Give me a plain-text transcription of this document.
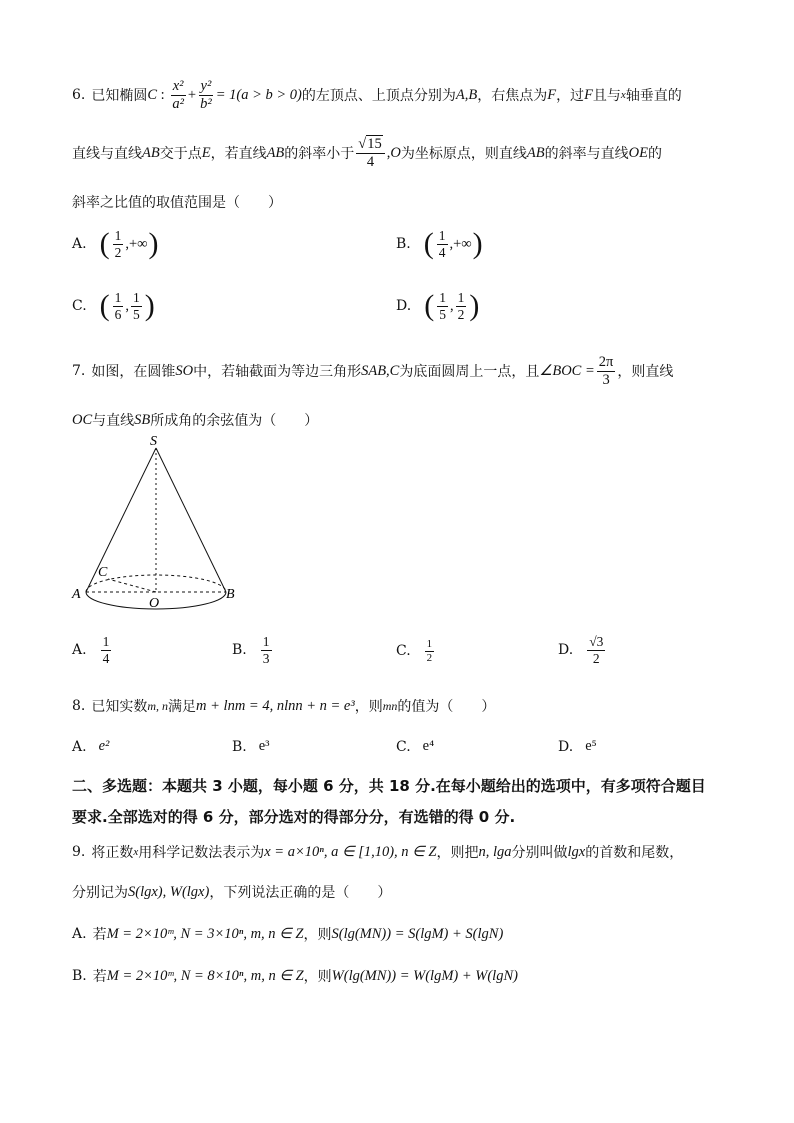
6. 已知椭圆 C : $\frac{\text{x²}}{\text{a²}} + \frac{\text{y²}}{\text{b²}} = 1(a > b > 0)$ 的左顶点、上顶点分别为 A,B ，右焦点为 F ，过 F 且与 x 轴垂直的
直线与直线 AB 交于点 E ，若直线 AB 的斜率小于 $\frac{√15}{4}$ , O 为坐标原点，则直线 AB 的斜率与直线 OE 的
斜率之比值的取值范围是（　　）
A. ( $\frac{1}{2}$ ,+∞ )	B. ( $\frac{1}{4}$ ,+∞ )
C. ( $\frac{1}{6}$ , $\frac{1}{5}$ )	D. ( $\frac{1}{5}$ , $\frac{1}{2}$ )
7. 如图，在圆锥 SO 中，若轴截面为等边三角形 SAB,C 为底面圆周上一点，且 ∠BOC = $\frac{2\pi}{3}$ ，则直线
OC 与直线 SB 所成角的余弦值为（　　）
S
A	B
C
O
A. $\frac{1}{4}$	B. $\frac{1}{3}$	C. $\frac{1}{2}$	D. $\frac{√3}{2}$
8. 已知实数 m, n 满足 m + lnm = 4, nlnn + n = e³ ，则 mn 的值为（　　）
A. e²	B. e³	C. e⁴	D. e⁵
二、多选题：本题共 3 小题，每小题 6 分，共 18 分.在每小题给出的选项中，有多项符合题目
要求.全部选对的得 6 分，部分选对的得部分分，有选错的得 0 分.
9. 将正数 x 用科学记数法表示为 x = a×10ⁿ, a ∈ [1,10), n ∈ Z ，则把 n, lga 分别叫做 lgx 的首数和尾数，
分别记为 S(lgx), W(lgx) ，下列说法正确的是（　　）
A. 若 M = 2×10ᵐ, N = 3×10ⁿ, m, n ∈ Z ，则 S(lg(MN)) = S(lgM) + S(lgN)
B. 若 M = 2×10ᵐ, N = 8×10ⁿ, m, n ∈ Z ，则 W(lg(MN)) = W(lgM) + W(lgN)
